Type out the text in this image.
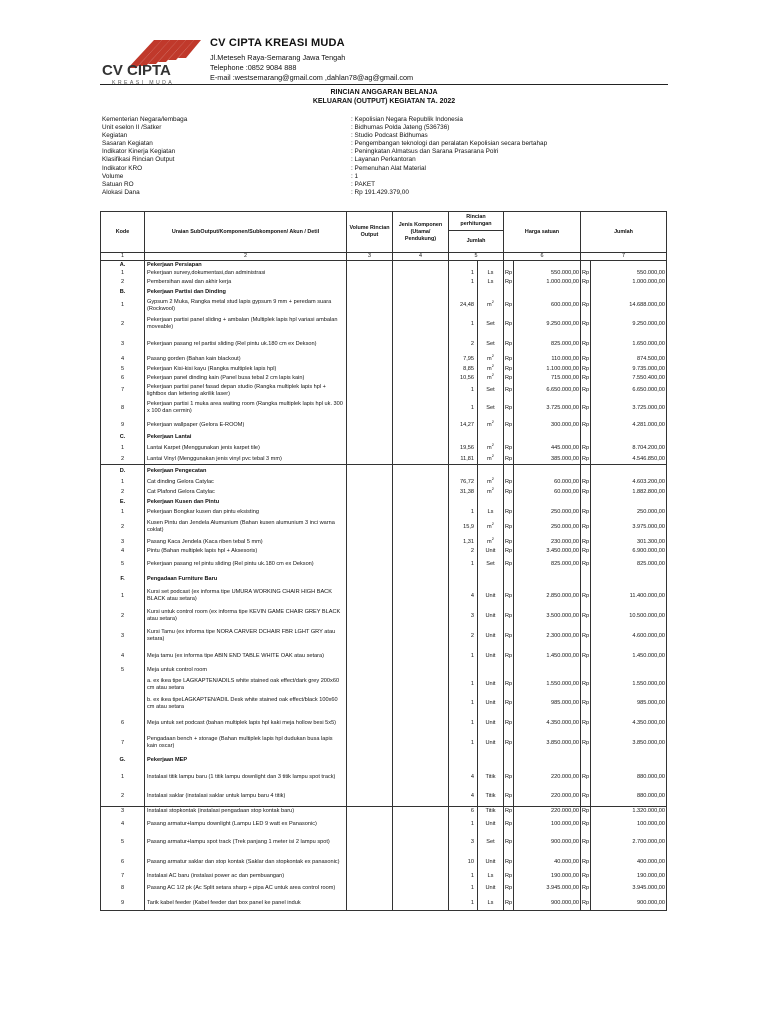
CV CIPTA
KREASI MUDA
CV CIPTA KREASI MUDA
Jl.Meteseh Raya-Semarang Jawa Tengah
Telephone :0852 9084 888
E-mail :westsemarang@gmail.com ,dahlan78@ag@gmail.com
RINCIAN ANGGARAN BELANJA
KELUARAN (OUTPUT) KEGIATAN TA. 2022
Kementerian Negara/lembaga	: Kepolisian Negara Republik Indonesia
Unit eselon II /Satker	: Bidhumas Polda Jateng (536736)
Kegiatan	: Studio Podcast Bidhumas
Sasaran Kegiatan	: Pengembangan teknologi dan peralatan Kepolisian secara bertahap
Indikator Kinerja Kegiatan	: Peningkatan Almatsus dan Sarana Prasarana Polri
Klasifikasi Rincian Output	: Layanan Perkantoran
Indikator KRO	: Pemenuhan Alat Material
Volume	: 1
Satuan RO	: PAKET
Alokasi Dana	: Rp 191.429.379,00
Kode	Uraian SubOutput/Komponen/Subkomponen/ Akun / Detil	Volume Rincian Output	Jenis Komponen (Utama/ Pendukung)	Rincian perhitungan		Harga satuan		Jumlah	
				Jumlah					
1	2	3	4	5		6		7	
A.	Pekerjaan Persiapan								
1	Pekerjaan survey,dokumentasi,dan administrasi			1	Ls	Rp	550.000,00	Rp	550.000,00
2	Pembersihan awal dan akhir kerja			1	Ls	Rp	1.000.000,00	Rp	1.000.000,00
B.	Pekerjaan Partisi dan Dinding								
1	Gypsum 2 Muka, Rangka metal stud lapis gypsum 9 mm + peredam suara (Rockwool)			24,48	$m^2$	Rp	600.000,00	Rp	14.688.000,00
2	Pekerjaan partisi panel sliding + ambalan (Multiplek lapis hpl variasi ambalan moveable)			1	Set	Rp	9.250.000,00	Rp	9.250.000,00
3	Pekerjaan pasang rel partisi sliding (Rel pintu uk.180 cm ex Dekson)			2	Set	Rp	825.000,00	Rp	1.650.000,00
4	Pasang gorden (Bahan kain blackout)			7,95	$m^2$	Rp	110.000,00	Rp	874.500,00
5	Pekerjaan Kisi-kisi kayu (Rangka multiplek lapis hpl)			8,85	$m^2$	Rp	1.100.000,00	Rp	9.735.000,00
6	Pekerjaan panel dinding kain (Panel busa tebal 2 cm lapis kain)			10,56	$m^2$	Rp	715.000,00	Rp	7.550.400,00
7	Pekerjaan partisi panel fasad depan studio (Rangka multiplek lapis hpl + lightbox dan lettering akrilik laser)			1	Set	Rp	6.650.000,00	Rp	6.650.000,00
8	Pekerjaan partisi 1 muka area waiting room (Rangka multiplek lapis hpl uk. 300 x 100 dan cermin)			1	Set	Rp	3.725.000,00	Rp	3.725.000,00
9	Pekerjaan wallpaper (Gelora E-ROOM)			14,27	$m^2$	Rp	300.000,00	Rp	4.281.000,00
C.	Pekerjaan Lantai								
1	Lantai Karpet (Menggunakan jenis karpet tile)			19,56	$m^2$	Rp	445.000,00	Rp	8.704.200,00
2	Lantai Vinyl (Menggunakan jenis vinyl pvc tebal 3 mm)			11,81	$m^2$	Rp	385.000,00	Rp	4.546.850,00
D.	Pekerjaan Pengecatan								
1	Cat dinding Gelora Catylac			76,72	$m^2$	Rp	60.000,00	Rp	4.603.200,00
2	Cat Plafond Gelora Catylac			31,38	$m^2$	Rp	60.000,00	Rp	1.882.800,00
E.	Pekerjaan Kusen dan Pintu								
1	Pekerjaan Bongkar kusen dan pintu eksisting			1	Ls	Rp	250.000,00	Rp	250.000,00
2	Kusen Pintu dan Jendela Alumunium (Bahan kusen alumunium 3 inci warna coklat)			15,9	$m^2$	Rp	250.000,00	Rp	3.975.000,00
3	Pasang Kaca Jendela (Kaca riben tebal 5 mm)			1,31	$m^2$	Rp	230.000,00	Rp	301.300,00
4	Pintu (Bahan multiplek lapis hpl + Aksesoris)			2	Unit	Rp	3.450.000,00	Rp	6.900.000,00
5	Pekerjaan pasang rel pintu sliding (Rel pintu uk.180 cm ex Dekson)			1	Set	Rp	825.000,00	Rp	825.000,00
F.	Pengadaan Furniture Baru								
1	Kursi set podcast (ex informa tipe UMURA WORKING CHAIR HIGH BACK BLACK atau setara)			4	Unit	Rp	2.850.000,00	Rp	11.400.000,00
2	Kursi untuk control room (ex informa tipe KEVIN GAME CHAIR GREY BLACK atau setara)			3	Unit	Rp	3.500.000,00	Rp	10.500.000,00
3	Kursi Tamu (ex informa tipe NORA CARVER DCHAIR FBR LGHT GRY atau setara)			2	Unit	Rp	2.300.000,00	Rp	4.600.000,00
4	Meja tamu (ex informa tipe ABIN END TABLE WHITE OAK atau setara)			1	Unit	Rp	1.450.000,00	Rp	1.450.000,00
5	Meja untuk control room								
	a. ex ikea tipe LAGKAPTEN/ADILS white stained oak effect/dark grey 200x60 cm atau setara			1	Unit	Rp	1.550.000,00	Rp	1.550.000,00
	b. ex ikea tipeLAGKAPTEN/ADIL Desk white stained oak effect/black 100x60 cm atau setara			1	Unit	Rp	985.000,00	Rp	985.000,00
6	Meja untuk set podcast (bahan multiplek lapis hpl kaki meja hollow besi 5x5)			1	Unit	Rp	4.350.000,00	Rp	4.350.000,00
7	Pengadaan bench + storage (Bahan multiplek lapis hpl dudukan busa lapis kain oscar)			1	Unit	Rp	3.850.000,00	Rp	3.850.000,00
G.	Pekerjaan MEP								
1	Instalasi titik lampu baru (1 titik lampu downlight dan 3 titik lampu spot track)			4	Titik	Rp	220.000,00	Rp	880.000,00
2	Instalasi saklar (instalasi saklar untuk lampu baru 4 titik)			4	Titik	Rp	220.000,00	Rp	880.000,00
3	Instalasi stopkontak (instalasi pengadaan stop kontak baru)			6	Titik	Rp	220.000,00	Rp	1.320.000,00
4	Pasang armatur+lampu downlight (Lampu LED 9 watt ex Panasonic)			1	Unit	Rp	100.000,00	Rp	100.000,00
5	Pasang armatur+lampu spot track (Trek panjang 1 meter isi 2 lampu spot)			3	Set	Rp	900.000,00	Rp	2.700.000,00
6	Pasang armatur saklar dan stop kontak (Saklar dan stopkontak ex panasonic)			10	Unit	Rp	40.000,00	Rp	400.000,00
7	Instalasi AC baru (instalasi power ac dan pembuangan)			1	Ls	Rp	190.000,00	Rp	190.000,00
8	Pasang AC 1/2 pk (Ac Split setara sharp + pipa AC untuk area control room)			1	Unit	Rp	3.945.000,00	Rp	3.945.000,00
9	Tarik kabel feeder (Kabel feeder dari box panel ke panel induk			1	Ls	Rp	900.000,00	Rp	900.000,00
